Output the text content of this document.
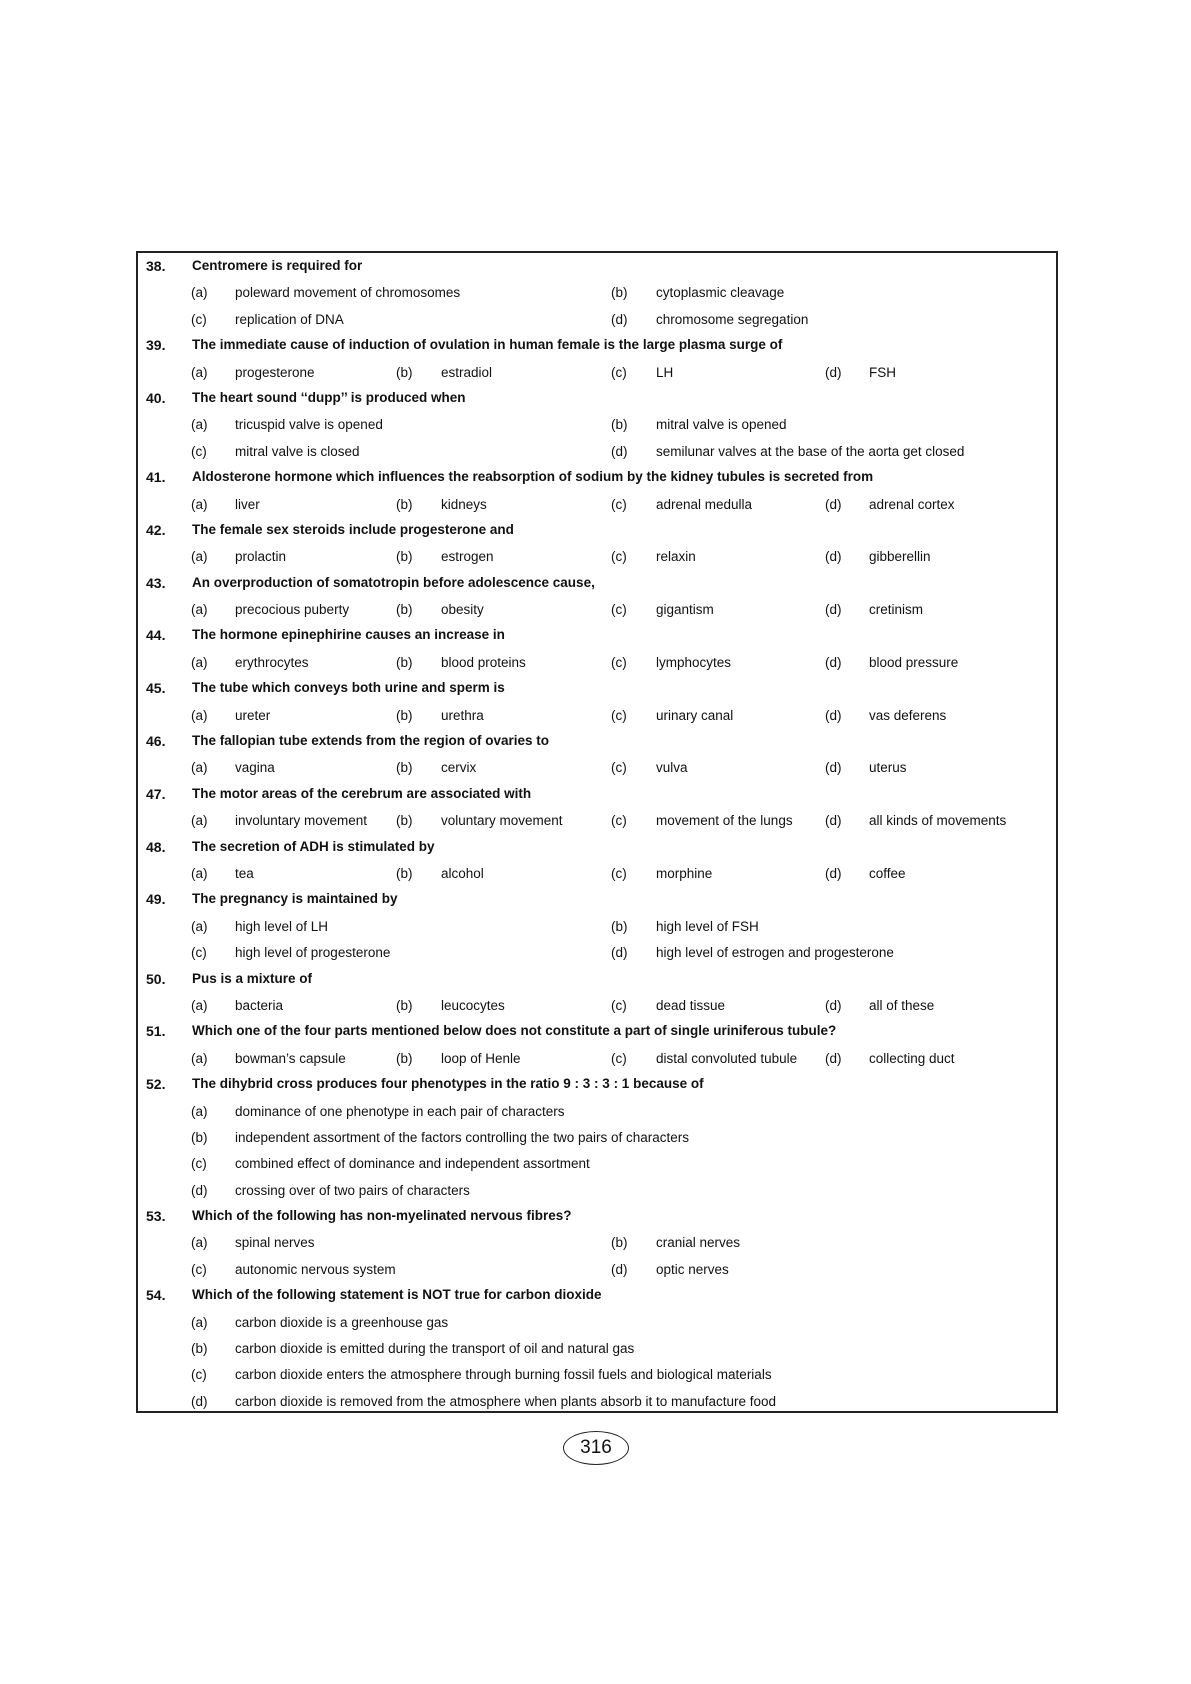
38. Centromere is required for
(a) poleward movement of chromosomes	(b) cytoplasmic cleavage
(c) replication of DNA	(d) chromosome segregation
39. The immediate cause of induction of ovulation in human female is the large plasma surge of
(a) progesterone	(b) estradiol	(c) LH	(d) FSH
40. The heart sound ‘‘dupp’’ is produced when
(a) tricuspid valve is opened	(b) mitral valve is opened
(c) mitral valve is closed	(d) semilunar valves at the base of the aorta get closed
41. Aldosterone hormone which influences the reabsorption of sodium by the kidney tubules is secreted from
(a) liver	(b) kidneys	(c) adrenal medulla	(d) adrenal cortex
42. The female sex steroids include progesterone and
(a) prolactin	(b) estrogen	(c) relaxin	(d) gibberellin
43. An overproduction of somatotropin before adolescence cause,
(a) precocious puberty	(b) obesity	(c) gigantism	(d) cretinism
44. The hormone epinephirine causes an increase in
(a) erythrocytes	(b) blood proteins	(c) lymphocytes	(d) blood pressure
45. The tube which conveys both urine and sperm is
(a) ureter	(b) urethra	(c) urinary canal	(d) vas deferens
46. The fallopian tube extends from the region of ovaries to
(a) vagina	(b) cervix	(c) vulva	(d) uterus
47. The motor areas of the cerebrum are associated with
(a) involuntary movement (b) voluntary movement	(c) movement of the lungs (d) all kinds of movements
48. The secretion of ADH is stimulated by
(a) tea	(b) alcohol	(c) morphine	(d) coffee
49. The pregnancy is maintained by
(a) high level of LH	(b) high level of FSH
(c) high level of progesterone	(d) high level of estrogen and progesterone
50. Pus is a mixture of
(a) bacteria	(b) leucocytes	(c) dead tissue	(d) all of these
51. Which one of the four parts mentioned below does not constitute a part of single uriniferous tubule?
(a) bowman’s capsule	(b) loop of Henle	(c) distal convoluted tubule (d) collecting duct
52. The dihybrid cross produces four phenotypes in the ratio 9 : 3 : 3 : 1 because of
(a) dominance of one phenotype in each pair of characters
(b) independent assortment of the factors controlling the two pairs of characters
(c) combined effect of dominance and independent assortment
(d) crossing over of two pairs of characters
53. Which of the following has non-myelinated nervous fibres?
(a) spinal nerves	(b) cranial nerves
(c) autonomic nervous system	(d) optic nerves
54. Which of the following statement is NOT true for carbon dioxide
(a) carbon dioxide is a greenhouse gas
(b) carbon dioxide is emitted during the transport of oil and natural gas
(c) carbon dioxide enters the atmosphere through burning fossil fuels and biological materials
(d) carbon dioxide is removed from the atmosphere when plants absorb it to manufacture food
316
